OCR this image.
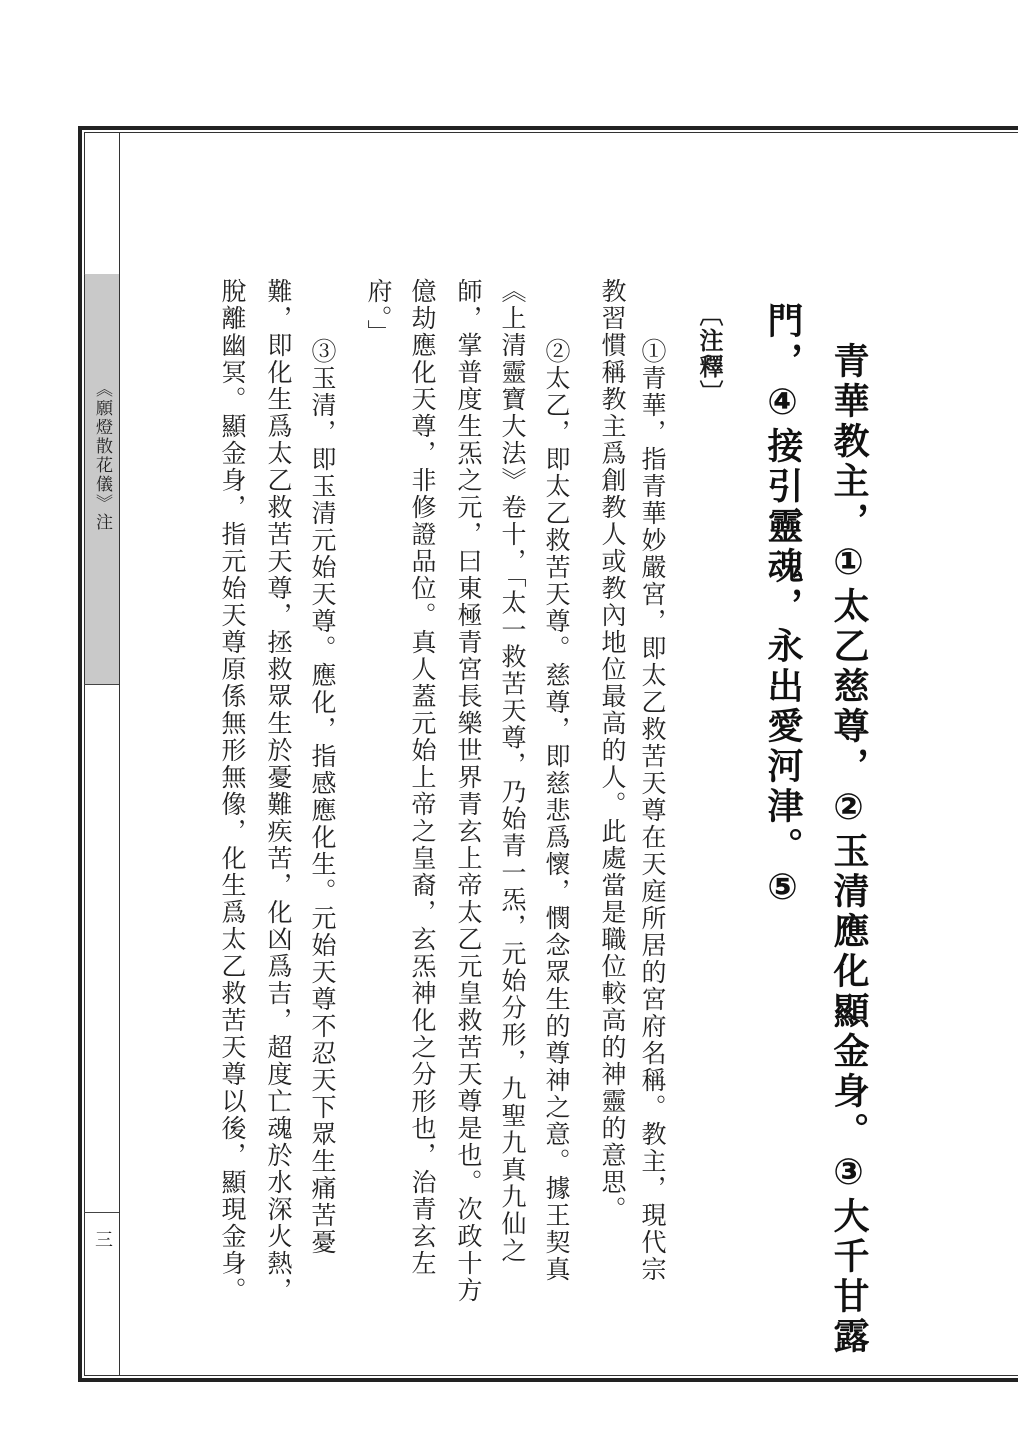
《願燈散花儀》注
三	青華教主，①太乙慈尊，②玉清應化顯金身。③大千甘露
門，④接引靈魂，永出愛河津。⑤
〔注釋〕
①青華，指青華妙嚴宮，即太乙救苦天尊在天庭所居的宮府名稱。教主，現代宗
教習慣稱教主爲創教人或教內地位最高的人。此處當是職位較高的神靈的意思。
②太乙，即太乙救苦天尊。慈尊，即慈悲爲懷，憫念眾生的尊神之意。據王契真
《上清靈寶大法》卷十，「太一救苦天尊，乃始青一炁，元始分形，九聖九真九仙之
師，掌普度生炁之元，曰東極青宮長樂世界青玄上帝太乙元皇救苦天尊是也。次政十方
億劫應化天尊，非修證品位。真人蓋元始上帝之皇裔，玄炁神化之分形也，治青玄左
府。」
③玉清，即玉清元始天尊。應化，指感應化生。元始天尊不忍天下眾生痛苦憂
難，即化生爲太乙救苦天尊，拯救眾生於憂難疾苦，化凶爲吉，超度亡魂於水深火熱，
脫離幽冥。顯金身，指元始天尊原係無形無像，化生爲太乙救苦天尊以後，顯現金身。
